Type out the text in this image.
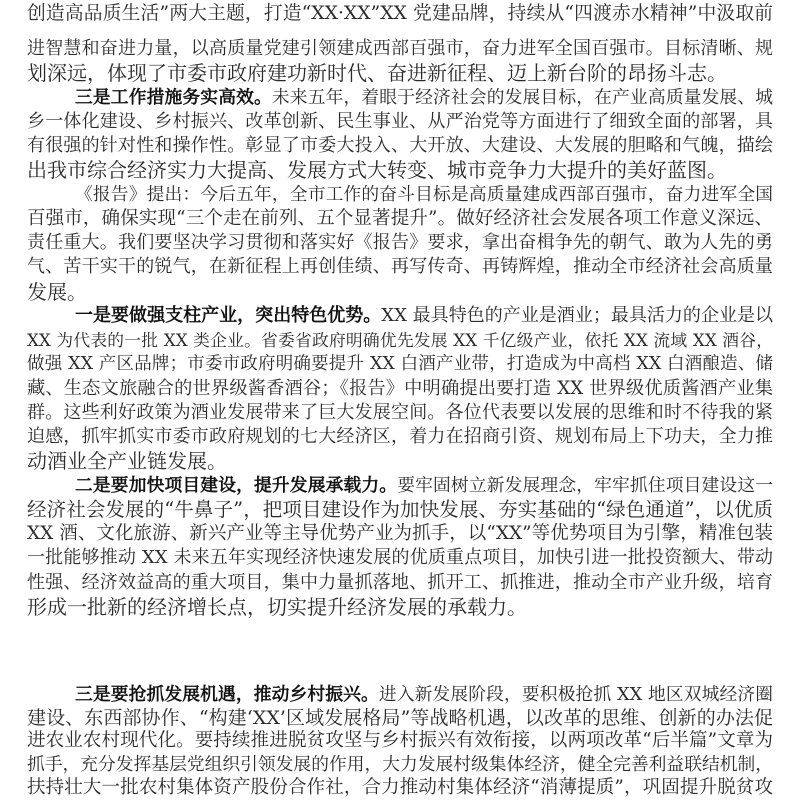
创造高品质生活”两大主题，打造“XX·XX”XX 党建品牌，持续从“四渡赤水精神”中汲取前
进智慧和奋进力量，以高质量党建引领建成西部百强市，奋力进军全国百强市。目标清晰、规
划深远，体现了市委市政府建功新时代、奋进新征程、迈上新台阶的昂扬斗志。
三是工作措施务实高效。未来五年，着眼于经济社会的发展目标，在产业高质量发展、城
乡一体化建设、乡村振兴、改革创新、民生事业、从严治党等方面进行了细致全面的部署，具
有很强的针对性和操作性。彰显了市委大投入、大开放、大建设、大发展的胆略和气魄，描绘
出我市综合经济实力大提高、发展方式大转变、城市竞争力大提升的美好蓝图。
《报告》提出：今后五年，全市工作的奋斗目标是高质量建成西部百强市，奋力进军全国
百强市，确保实现“三个走在前列、五个显著提升”。做好经济社会发展各项工作意义深远、
责任重大。我们要坚决学习贯彻和落实好《报告》要求，拿出奋楫争先的朝气、敢为人先的勇
气、苦干实干的锐气，在新征程上再创佳绩、再写传奇、再铸辉煌，推动全市经济社会高质量
发展。
一是要做强支柱产业，突出特色优势。XX 最具特色的产业是酒业；最具活力的企业是以
XX 为代表的一批 XX 类企业。省委省政府明确优先发展 XX 千亿级产业，依托 XX 流域 XX 酒谷，
做强 XX 产区品牌；市委市政府明确要提升 XX 白酒产业带，打造成为中高档 XX 白酒酿造、储
藏、生态文旅融合的世界级酱香酒谷；《报告》中明确提出要打造 XX 世界级优质酱酒产业集
群。这些利好政策为酒业发展带来了巨大发展空间。各位代表要以发展的思维和时不待我的紧
迫感，抓牢抓实市委市政府规划的七大经济区，着力在招商引资、规划布局上下功夫，全力推
动酒业全产业链发展。
二是要加快项目建设，提升发展承载力。要牢固树立新发展理念，牢牢抓住项目建设这一
经济社会发展的“牛鼻子”，把项目建设作为加快发展、夯实基础的“绿色通道”，以优质
XX 酒、文化旅游、新兴产业等主导优势产业为抓手，以“XX”等优势项目为引擎，精准包装
一批能够推动 XX 未来五年实现经济快速发展的优质重点项目，加快引进一批投资额大、带动
性强、经济效益高的重大项目，集中力量抓落地、抓开工、抓推进，推动全市产业升级，培育
形成一批新的经济增长点，切实提升经济发展的承载力。
三是要抢抓发展机遇，推动乡村振兴。进入新发展阶段，要积极抢抓 XX 地区双城经济圈
建设、东西部协作、“构建‘XX’区域发展格局”等战略机遇，以改革的思维、创新的办法促
进农业农村现代化。要持续推进脱贫攻坚与乡村振兴有效衔接，以两项改革“后半篇”文章为
抓手，充分发挥基层党组织引领发展的作用，大力发展村级集体经济，健全完善利益联结机制，
扶持壮大一批农村集体资产股份合作社，合力推动村集体经济“消薄提质”，巩固提升脱贫攻
